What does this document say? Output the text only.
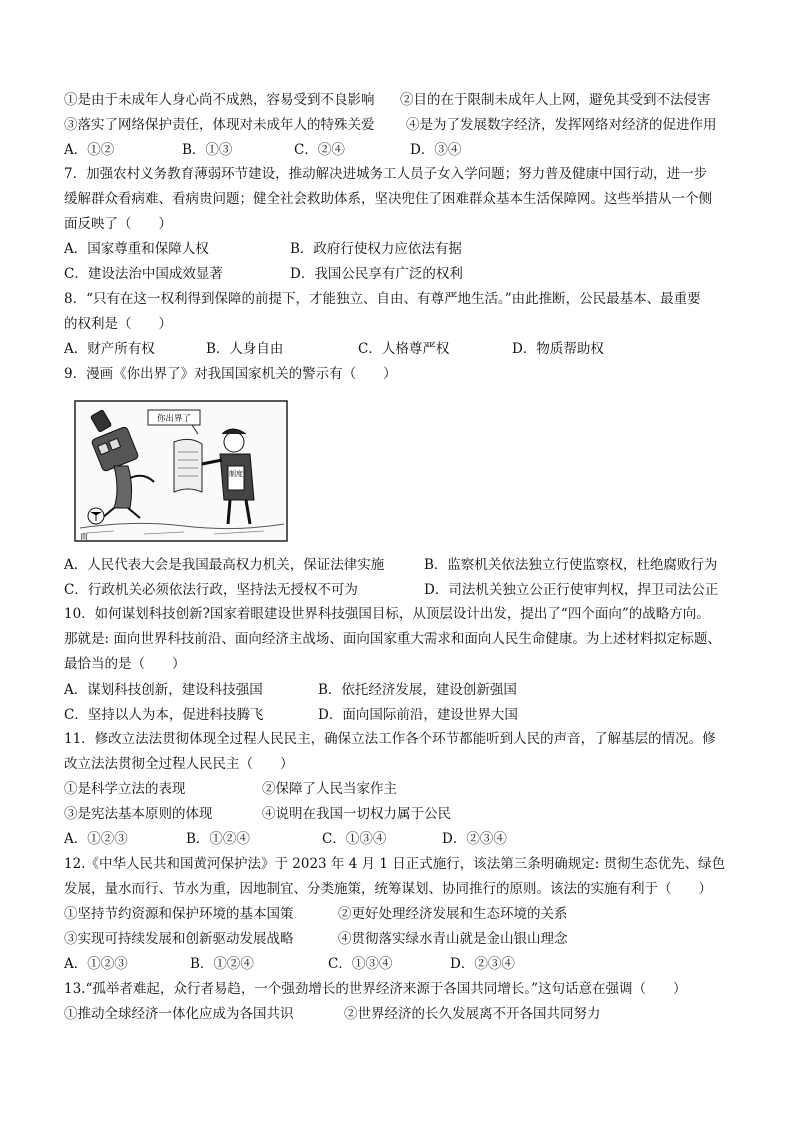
①是由于未成年人身心尚不成熟，容易受到不良影响 ②目的在于限制未成年人上网，避免其受到不法侵害
③落实了网络保护责任，体现对未成年人的特殊关爱 ④是为了发展数字经济，发挥网络对经济的促进作用
A．①②	B．①③	C．②④	D．③④
7．加强农村义务教育薄弱环节建设，推动解决进城务工人员子女入学问题；努力普及健康中国行动，进一步
缓解群众看病难、看病贵问题；健全社会救助体系，坚决兜住了困难群众基本生活保障网。这些举措从一个侧
面反映了（　　）
A．国家尊重和保障人权	B．政府行使权力应依法有据
C．建设法治中国成效显著	D．我国公民享有广泛的权利
8．“只有在这一权利得到保障的前提下，才能独立、自由、有尊严地生活。”由此推断，公民最基本、最重要
的权利是（　　）
A．财产所有权	B．人身自由	C．人格尊严权	D．物质帮助权
9．漫画《你出界了》对我国国家机关的警示有（　　）
你出界了
制度
而
A．人民代表大会是我国最高权力机关，保证法律实施	B．监察机关依法独立行使监察权，杜绝腐败行为
C．行政机关必须依法行政，坚持法无授权不可为	D．司法机关独立公正行使审判权，捍卫司法公正
10．如何谋划科技创新?国家着眼建设世界科技强国目标，从顶层设计出发，提出了“四个面向”的战略方向。
那就是: 面向世界科技前沿、面向经济主战场、面向国家重大需求和面向人民生命健康。为上述材料拟定标题、
最恰当的是（　　）
A．谋划科技创新，建设科技强国	B．依托经济发展，建设创新强国
C．坚持以人为本，促进科技腾飞	D．面向国际前沿，建设世界大国
11．修改立法法贯彻体现全过程人民民主，确保立法工作各个环节都能听到人民的声音，了解基层的情况。修
改立法法贯彻全过程人民民主（　　）
①是科学立法的表现	②保障了人民当家作主
③是宪法基本原则的体现	④说明在我国一切权力属于公民
A．①②③	B．①②④	C．①③④	D．②③④
12.《中华人民共和国黄河保护法》于 2023 年 4 月 1 日正式施行，该法第三条明确规定: 贯彻生态优先、绿色
发展，量水而行、节水为重，因地制宜、分类施策，统筹谋划、协同推行的原则。该法的实施有利于（　　）
①坚持节约资源和保护环境的基本国策	②更好处理经济发展和生态环境的关系
③实现可持续发展和创新驱动发展战略	④贯彻落实绿水青山就是金山银山理念
A．①②③	B．①②④	C．①③④	D．②③④
13.“孤举者难起，众行者易趋，一个强劲增长的世界经济来源于各国共同增长。”这句话意在强调（　　）
①推动全球经济一体化应成为各国共识	②世界经济的长久发展离不开各国共同努力
